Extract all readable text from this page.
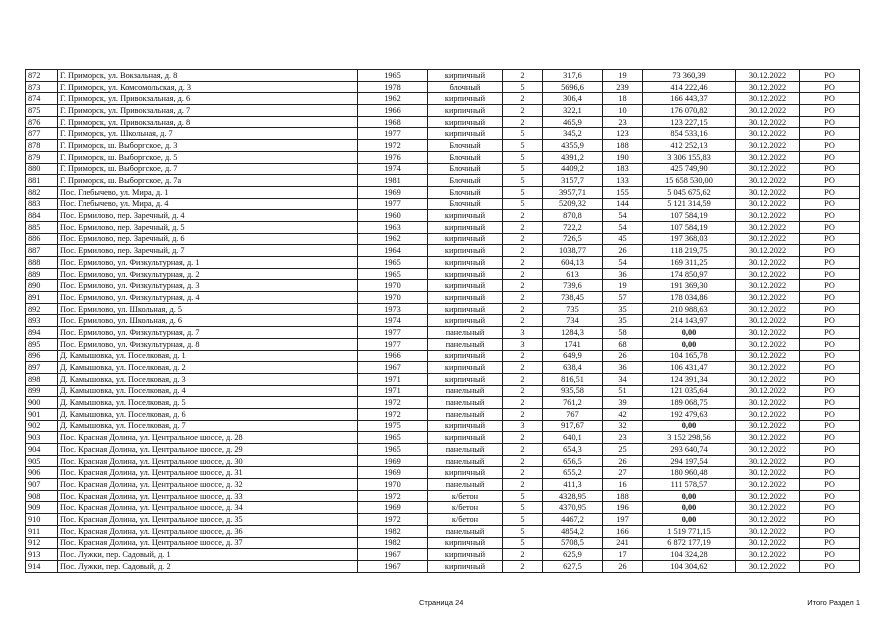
872	Г. Приморск, ул. Вокзальная, д. 8	1965	кирпичный	2	317,6	19	73 360,39	30.12.2022	РО
873	Г. Приморск, ул. Комсомольская, д. 3	1978	блочный	5	5696,6	239	414 222,46	30.12.2022	РО
874	Г. Приморск, ул. Привокзальная, д. 6	1962	кирпичный	2	306,4	18	166 443,37	30.12.2022	РО
875	Г. Приморск, ул. Привокзальная, д. 7	1966	кирпичный	2	322,1	10	176 070,82	30.12.2022	РО
876	Г. Приморск, ул. Привокзальная, д. 8	1968	кирпичный	2	465,9	23	123 227,15	30.12.2022	РО
877	Г. Приморск, ул. Школьная, д. 7	1977	кирпичный	5	345,2	123	854 533,16	30.12.2022	РО
878	Г. Приморск, ш. Выборгское, д. 3	1972	Блочный	5	4355,9	188	412 252,13	30.12.2022	РО
879	Г. Приморск, ш. Выборгское, д. 5	1976	Блочный	5	4391,2	190	3 306 155,83	30.12.2022	РО
880	Г. Приморск, ш. Выборгское, д. 7	1974	Блочный	5	4409,2	183	425 749,90	30.12.2022	РО
881	Г. Приморск, ш. Выборгское, д. 7а	1981	Блочный	5	3157,7	133	15 658 530,00	30.12.2022	РО
882	Пос. Глебычево, ул. Мира, д. 1	1969	Блочный	5	3957,71	155	5 045 675,62	30.12.2022	РО
883	Пос. Глебычево, ул. Мира, д. 4	1977	Блочный	5	5209,32	144	5 121 314,59	30.12.2022	РО
884	Пос. Ермилово, пер. Заречный, д. 4	1960	кирпичный	2	870,8	54	107 584,19	30.12.2022	РО
885	Пос. Ермилово, пер. Заречный, д. 5	1963	кирпичный	2	722,2	54	107 584,19	30.12.2022	РО
886	Пос. Ермилово, пер. Заречный, д. 6	1962	кирпичный	2	726,5	45	197 368,03	30.12.2022	РО
887	Пос. Ермилово, пер. Заречный, д. 7	1964	кирпичный	2	1038,77	26	118 219,75	30.12.2022	РО
888	Пос. Ермилово, ул. Физкультурная, д. 1	1965	кирпичный	2	604,13	54	169 311,25	30.12.2022	РО
889	Пос. Ермилово, ул. Физкультурная, д. 2	1965	кирпичный	2	613	36	174 850,97	30.12.2022	РО
890	Пос. Ермилово, ул. Физкультурная, д. 3	1970	кирпичный	2	739,6	19	191 369,30	30.12.2022	РО
891	Пос. Ермилово, ул. Физкультурная, д. 4	1970	кирпичный	2	738,45	57	178 034,86	30.12.2022	РО
892	Пос. Ермилово, ул. Школьная, д. 5	1973	кирпичный	2	735	35	210 988,63	30.12.2022	РО
893	Пос. Ермилово, ул. Школьная, д. 6	1974	кирпичный	2	734	35	214 143,97	30.12.2022	РО
894	Пос. Ермилово, ул. Физкультурная, д. 7	1977	панельный	3	1284,3	58	0,00	30.12.2022	РО
895	Пос. Ермилово, ул. Физкультурная, д. 8	1977	панельный	3	1741	68	0,00	30.12.2022	РО
896	Д. Камышовка, ул. Поселковая, д. 1	1966	кирпичный	2	649,9	26	104 165,78	30.12.2022	РО
897	Д. Камышовка, ул. Поселковая, д. 2	1967	кирпичный	2	638,4	36	106 431,47	30.12.2022	РО
898	Д. Камышовка, ул. Поселковая, д. 3	1971	кирпичный	2	816,51	34	124 391,34	30.12.2022	РО
899	Д. Камышовка, ул. Поселковая, д. 4	1971	панельный	2	935,58	51	121 035,64	30.12.2022	РО
900	Д. Камышовка, ул. Поселковая, д. 5	1972	панельный	2	761,2	39	189 068,75	30.12.2022	РО
901	Д. Камышовка, ул. Поселковая, д. 6	1972	панельный	2	767	42	192 479,63	30.12.2022	РО
902	Д. Камышовка, ул. Поселковая, д. 7	1975	кирпичный	3	917,67	32	0,00	30.12.2022	РО
903	Пос. Красная Долина, ул. Центральное шоссе, д. 28	1965	кирпичный	2	640,1	23	3 152 298,56	30.12.2022	РО
904	Пос. Красная Долина, ул. Центральное шоссе, д. 29	1965	панельный	2	654,3	25	293 640,74	30.12.2022	РО
905	Пос. Красная Долина, ул. Центральное шоссе, д. 30	1969	панельный	2	656,5	26	294 197,54	30.12.2022	РО
906	Пос. Красная Долина, ул. Центральное шоссе, д. 31	1969	кирпичный	2	655,2	27	180 960,48	30.12.2022	РО
907	Пос. Красная Долина, ул. Центральное шоссе, д. 32	1970	панельный	2	411,3	16	111 578,57	30.12.2022	РО
908	Пос. Красная Долина, ул. Центральное шоссе, д. 33	1972	к/бетон	5	4328,95	188	0,00	30.12.2022	РО
909	Пос. Красная Долина, ул. Центральное шоссе, д. 34	1969	к/бетон	5	4370,95	196	0,00	30.12.2022	РО
910	Пос. Красная Долина, ул. Центральное шоссе, д. 35	1972	к/бетон	5	4467,2	197	0,00	30.12.2022	РО
911	Пос. Красная Долина, ул. Центральное шоссе, д. 36	1982	панельный	5	4854,2	166	1 519 771,15	30.12.2022	РО
912	Пос. Красная Долина, ул. Центральное шоссе, д. 37	1982	кирпичный	5	5708,5	241	6 872 177,19	30.12.2022	РО
913	Пос. Лужки, пер. Садовый, д. 1	1967	кирпичный	2	625,9	17	104 324,28	30.12.2022	РО
914	Пос. Лужки, пер. Садовый, д. 2	1967	кирпичный	2	627,5	26	104 304,62	30.12.2022	РО
Страница 24	Итого Раздел 1
